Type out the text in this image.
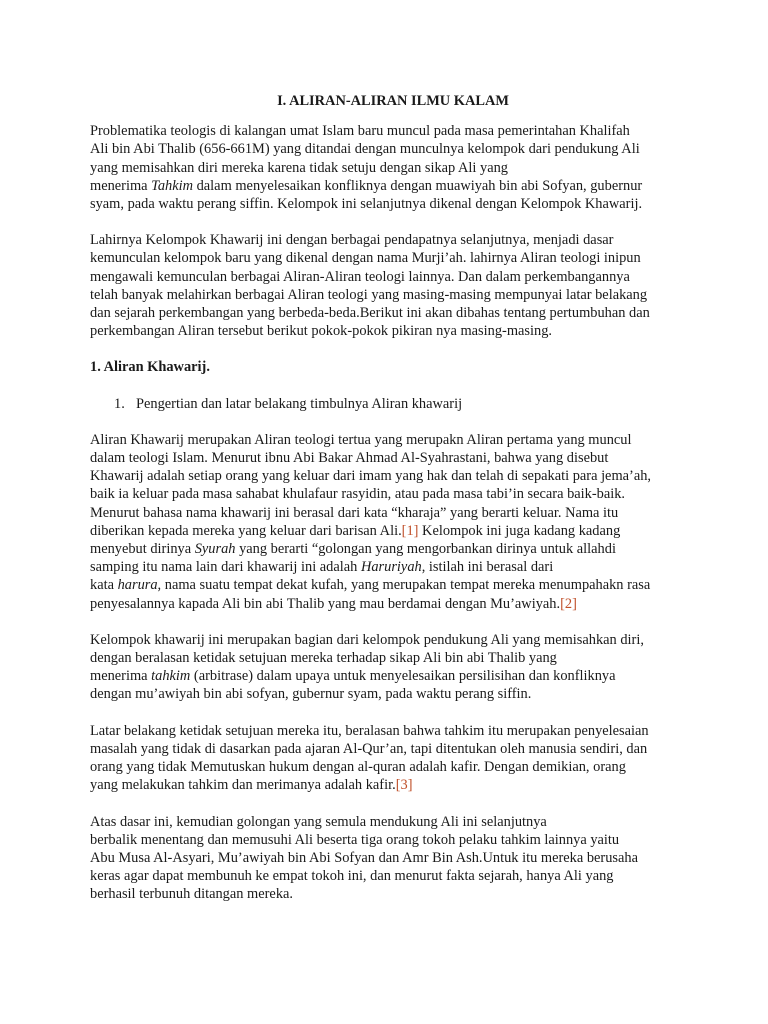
I. ALIRAN-ALIRAN ILMU KALAM

Problematika teologis di kalangan umat Islam baru muncul pada masa pemerintahan Khalifah
Ali bin Abi Thalib (656-661M) yang ditandai dengan munculnya kelompok dari pendukung Ali
yang memisahkan diri mereka karena tidak setuju dengan sikap Ali yang
menerima Tahkim dalam menyelesaikan konfliknya dengan muawiyah bin abi Sofyan, gubernur
syam, pada waktu perang siffin. Kelompok ini selanjutnya dikenal dengan Kelompok Khawarij.

Lahirnya Kelompok Khawarij ini dengan berbagai pendapatnya selanjutnya, menjadi dasar
kemunculan kelompok baru yang dikenal dengan nama Murji’ah. lahirnya Aliran teologi inipun
mengawali kemunculan berbagai Aliran-Aliran teologi lainnya. Dan dalam perkembangannya
telah banyak melahirkan berbagai Aliran teologi yang masing-masing mempunyai latar belakang
dan sejarah perkembangan yang berbeda-beda.Berikut ini akan dibahas tentang pertumbuhan dan
perkembangan Aliran tersebut berikut pokok-pokok pikiran nya masing-masing.

1. Aliran Khawarij.
1. Pengertian dan latar belakang timbulnya Aliran khawarij

Aliran Khawarij merupakan Aliran teologi tertua yang merupakn Aliran pertama yang muncul
dalam teologi Islam. Menurut ibnu Abi Bakar Ahmad Al-Syahrastani, bahwa yang disebut
Khawarij adalah setiap orang yang keluar dari imam yang hak dan telah di sepakati para jema’ah,
baik ia keluar pada masa sahabat khulafaur rasyidin, atau pada masa tabi’in secara baik-baik.
Menurut bahasa nama khawarij ini berasal dari kata “kharaja” yang berarti keluar. Nama itu
diberikan kepada mereka yang keluar dari barisan Ali.[1] Kelompok ini juga kadang kadang
menyebut dirinya Syurah yang berarti “golongan yang mengorbankan dirinya untuk allahdi
samping itu nama lain dari khawarij ini adalah Haruriyah, istilah ini berasal dari
kata harura, nama suatu tempat dekat kufah, yang merupakan tempat mereka menumpahakn rasa
penyesalannya kapada Ali bin abi Thalib yang mau berdamai dengan Mu’awiyah.[2]

Kelompok khawarij ini merupakan bagian dari kelompok pendukung Ali yang memisahkan diri,
dengan beralasan ketidak setujuan mereka terhadap sikap Ali bin abi Thalib yang
menerima tahkim (arbitrase) dalam upaya untuk menyelesaikan persilisihan dan konfliknya
dengan mu’awiyah bin abi sofyan, gubernur syam, pada waktu perang siffin.

Latar belakang ketidak setujuan mereka itu, beralasan bahwa tahkim itu merupakan penyelesaian
masalah yang tidak di dasarkan pada ajaran Al-Qur’an, tapi ditentukan oleh manusia sendiri, dan
orang yang tidak Memutuskan hukum dengan al-quran adalah kafir. Dengan demikian, orang
yang melakukan tahkim dan merimanya adalah kafir.[3]

Atas dasar ini, kemudian golongan yang semula mendukung Ali ini selanjutnya
berbalik menentang dan memusuhi Ali beserta tiga orang tokoh pelaku tahkim lainnya yaitu
Abu Musa Al-Asyari, Mu’awiyah bin Abi Sofyan dan Amr Bin Ash.Untuk itu mereka berusaha
keras agar dapat membunuh ke empat tokoh ini, dan menurut fakta sejarah, hanya Ali yang
berhasil terbunuh ditangan mereka.
